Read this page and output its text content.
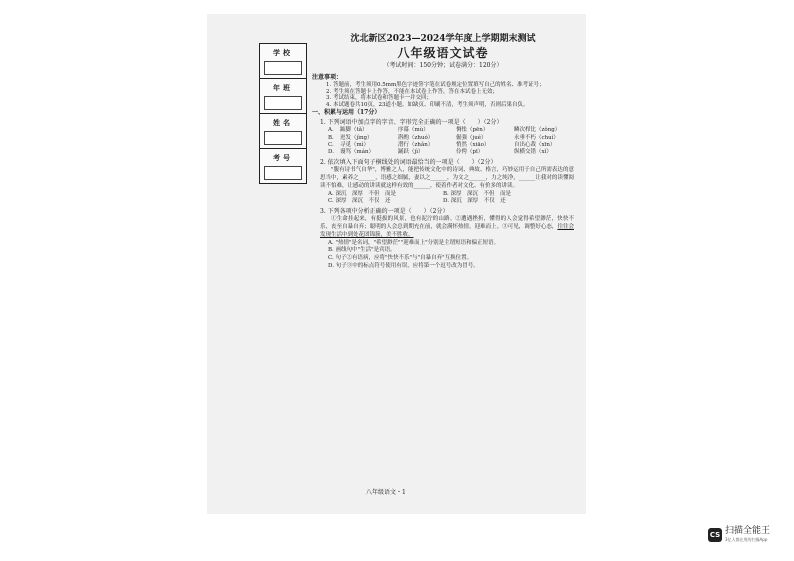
学校
年班
姓名
考号
沈北新区2023—2024学年度上学期期末测试
八年级语文试卷
（考试时间：150分钟；试卷满分：120分）
注意事项：
1. 答题前，考生须用0.5mm黑色字迹签字笔在试卷规定位置填写自己的姓名、准考证号；
2. 考生须在答题卡上作答，不能在本试卷上作答，答在本试卷上无效；
3. 考试结束，将本试卷和答题卡一并交回；
4. 本试题卷共10页，23道小题。如缺页、印刷不清，考生须声明，否则后果自负。
一、积累与运用（17分）
1. 下列词语中加点字的字音、字形完全正确的一项是（　　）（2分）
A.	踮脚（tǎ）	序幕（mù）	惆怅（pēn）	鳞次栉比（zǒng）
B.	迸发（jìng）	斟酌（zhuó）	倔强（jué）	永垂不朽（chuí）
C.	寻觅（mì）	潜行（zhǎn）	悄然（xiāo）	自出心裁（xīn）
D.	谩骂（mán）	踊跃（jì）	伶俜（pī）	纵横交错（xǐ）
2. 依次填入下面句子横线处的词语最恰当的一项是（　　）（2分）
"腹有诗书气自华"，博雅之人，能把传统文化中的诗词、典故、格言，巧妙运用于自己所需表达的意思当中，素养之______，语感之细腻，妻以之______，为文之______，力之纯净，______让我对的读懂阅读不怕难，让感动的讲读就这样有效的______，使着作者对文化、有价多的讲读。
A. 深沉　深厚　不但　而是	B. 深厚　深沉　不但　而是
C. 深厚　深沉　不仅　还	D. 深沉　深厚　不仅　还
3. 下列各项中分析正确的一项是（　　）（2分）
①生命挂起来，有挺拔的风景，也有泥泞的山路。②遭遇挫折，懂得的人会觉得希望渺茫，快快不乐，丧至自暴自弃；聪明的人会总到期充在前，就会满怀热情，迎难而上。③可见，调整好心态，往往会发现生活中到处花团锦簇，美不胜收。
A. "热情"是名词，"希望渺茫""迎难而上"分别是主谓短语和偏正短语。
B. 画线句中"生活"是宾语。
C. 句子②有语病，应将"快快不乐"与"自暴自弃"互换位置。
D. 句子③中的标点符号使用有误，应将第一个逗号改为冒号。
八年级语文・1
CS 扫描全能王
3亿人都在用的扫描App
